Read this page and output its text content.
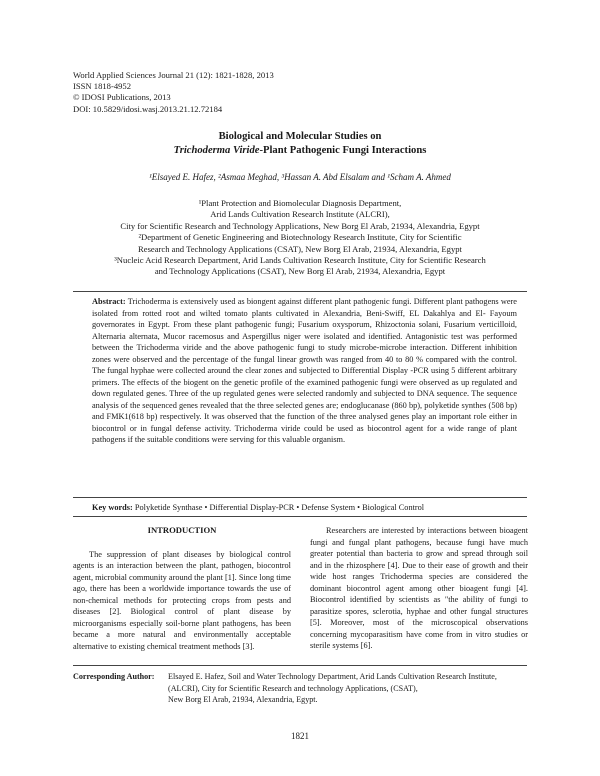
World Applied Sciences Journal 21 (12): 1821-1828, 2013
ISSN 1818-4952
© IDOSI Publications, 2013
DOI: 10.5829/idosi.wasj.2013.21.12.72184
Biological and Molecular Studies on
Trichoderma Viride-Plant Pathogenic Fungi Interactions
¹Elsayed E. Hafez, ²Asmaa Meghad, ³Hassan A. Abd Elsalam and ¹Scham A. Ahmed
¹Plant Protection and Biomolecular Diagnosis Department,
Arid Lands Cultivation Research Institute (ALCRI),
City for Scientific Research and Technology Applications, New Borg El Arab, 21934, Alexandria, Egypt
²Department of Genetic Engineering and Biotechnology Research Institute, City for Scientific
Research and Technology Applications (CSAT), New Borg El Arab, 21934, Alexandria, Egypt
³Nucleic Acid Research Department, Arid Lands Cultivation Research Institute, City for Scientific Research
and Technology Applications (CSAT), New Borg El Arab, 21934, Alexandria, Egypt
Abstract: Trichoderma is extensively used as biongent against different plant pathogenic fungi. Different plant pathogens were isolated from rotted root and wilted tomato plants cultivated in Alexandria, Beni-Swiff, EL Dakahlya and El- Fayoum governorates in Egypt. From these plant pathogenic fungi; Fusarium oxysporum, Rhizoctonia solani, Fusarium verticilloid, Alternaria alternata, Mucor racemosus and Aspergillus niger were isolated and identified. Antagonistic test was performed between the Trichoderma viride and the above pathogenic fungi to study microbe-microbe interaction. Different inhibition zones were observed and the percentage of the fungal linear growth was ranged from 40 to 80 % compared with the control. The fungal hyphae were collected around the clear zones and subjected to Differential Display -PCR using 5 different arbitrary primers. The effects of the biogent on the genetic profile of the examined pathogenic fungi were observed as up regulated and down regulated genes. Three of the up regulated genes were selected randomly and subjected to DNA sequence. The sequence analysis of the sequenced genes revealed that the three selected genes are; endoglucanase (860 bp), polyketide synthes (508 bp) and FMK1(618 bp) respectively. It was observed that the function of the three analysed genes play an important role either in biocontrol or in fungal defense activity. Trichoderma viride could be used as biocontrol agent for a wide range of plant pathogens if the suitable conditions were serving for this valuable organism.
Key words: Polyketide Synthase • Differential Display-PCR • Defense System • Biological Control
INTRODUCTION

The suppression of plant diseases by biological control agents is an interaction between the plant, pathogen, biocontrol agent, microbial community around the plant [1]. Since long time ago, there has been a worldwide importance towards the use of non-chemical methods for protecting crops from pests and diseases [2]. Biological control of plant disease by microorganisms especially soil-borne plant pathogens, has been became a more natural and environmentally acceptable alternative to existing chemical treatment methods [3].

Researchers are interested by interactions between bioagent fungi and fungal plant pathogens, because fungi have much greater potential than bacteria to grow and spread through soil and in the rhizosphere [4]. Due to their ease of growth and their wide host ranges Trichoderma species are considered the dominant biocontrol agent among other bioagent fungi [4]. Biocontrol identified by scientists as "the ability of fungi to parasitize spores, sclerotia, hyphae and other fungal structures [5]. Moreover, most of the microscopical observations concerning mycoparasitism have come from in vitro studies or sterile systems [6].

Corresponding Author: Elsayed E. Hafez, Soil and Water Technology Department, Arid Lands Cultivation Research Institute,
(ALCRI), City for Scientific Research and technology Applications, (CSAT),
New Borg El Arab, 21934, Alexandria, Egypt.
1821
